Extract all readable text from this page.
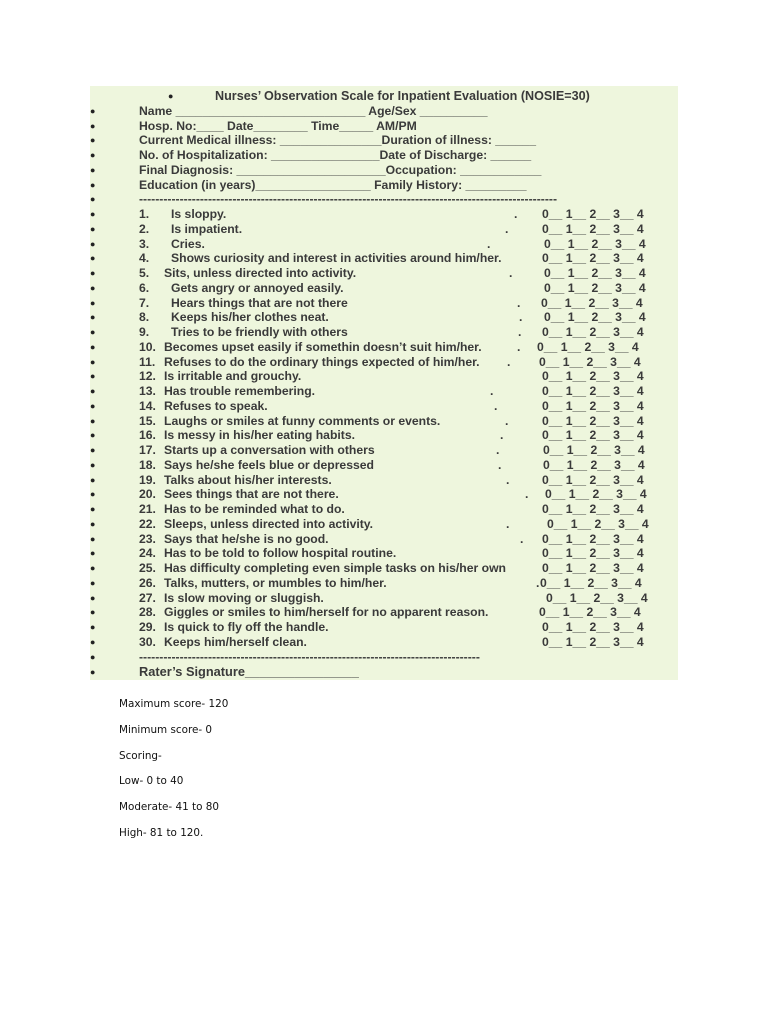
●	Nurses’ Observation Scale for Inpatient Evaluation (NOSIE=30)
●	Name ____________________________ Age/Sex __________
●	Hosp. No:____ Date________ Time_____ AM/PM
●	Current Medical illness: _______________Duration of illness: ______
●	No. of Hospitalization: ________________Date of Discharge: ______
●	Final Diagnosis: ______________________Occupation: ____________
●	Education (in years)_________________ Family History: _________
●	-------------------------------------------------------------------------------------------------------
●	1. Is sloppy.	. 0__ 1__ 2__ 3__ 4
●	2. Is impatient.	.	0__ 1__ 2__ 3__ 4
●	3. Cries.	.	0__ 1__ 2__ 3__ 4
●	4. Shows curiosity and interest in activities around him/her.	0__ 1__ 2__ 3__ 4
●	5. Sits, unless directed into activity.	.	0__ 1__ 2__ 3__ 4
●	6. Gets angry or annoyed easily.	0__ 1__ 2__ 3__ 4
●	7. Hears things that are not there	. 0__ 1__ 2__ 3__ 4
●	8. Keeps his/her clothes neat.	. 0__ 1__ 2__ 3__ 4
●	9. Tries to be friendly with others	. 0__ 1__ 2__ 3__ 4
●	10. Becomes upset easily if somethin doesn’t suit him/her.	. 0__ 1__ 2__ 3__ 4
●	11. Refuses to do the ordinary things expected of him/her. . 0__ 1__ 2__ 3__ 4
●	12. Is irritable and grouchy.	0__ 1__ 2__ 3__ 4
●	13. Has trouble remembering.	.	0__ 1__ 2__ 3__ 4
●	14. Refuses to speak.	.	0__ 1__ 2__ 3__ 4
●	15. Laughs or smiles at funny comments or events.	.	0__ 1__ 2__ 3__ 4
●	16. Is messy in his/her eating habits.	.	0__ 1__ 2__ 3__ 4
●	17. Starts up a conversation with others	.	0__ 1__ 2__ 3__ 4
●	18. Says he/she feels blue or depressed	.	0__ 1__ 2__ 3__ 4
●	19. Talks about his/her interests.	.	0__ 1__ 2__ 3__ 4
●	20. Sees things that are not there.	. 0__ 1__ 2__ 3__ 4
●	21. Has to be reminded what to do.	0__ 1__ 2__ 3__ 4
●	22. Sleeps, unless directed into activity.	.	0__ 1__ 2__ 3__ 4
●	23. Says that he/she is no good.	. 0__ 1__ 2__ 3__ 4
●	24. Has to be told to follow hospital routine.	0__ 1__ 2__ 3__ 4
●	25. Has difficulty completing even simple tasks on his/her own	0__ 1__ 2__ 3__ 4
●	26. Talks, mutters, or mumbles to him/her.	. 0__ 1__ 2__ 3__ 4
●	27. Is slow moving or sluggish.	0__ 1__ 2__ 3__ 4
●	28. Giggles or smiles to him/herself for no apparent reason.	0__ 1__ 2__ 3__ 4
●	29. Is quick to fly off the handle.	0__ 1__ 2__ 3__ 4
●	30. Keeps him/herself clean.	0__ 1__ 2__ 3__ 4
●	------------------------------------------------------------------------------------
●	Rater’s Signature________________
Maximum score- 120
Minimum score- 0
Scoring-
Low- 0 to 40
Moderate- 41 to 80
High- 81 to 120.
